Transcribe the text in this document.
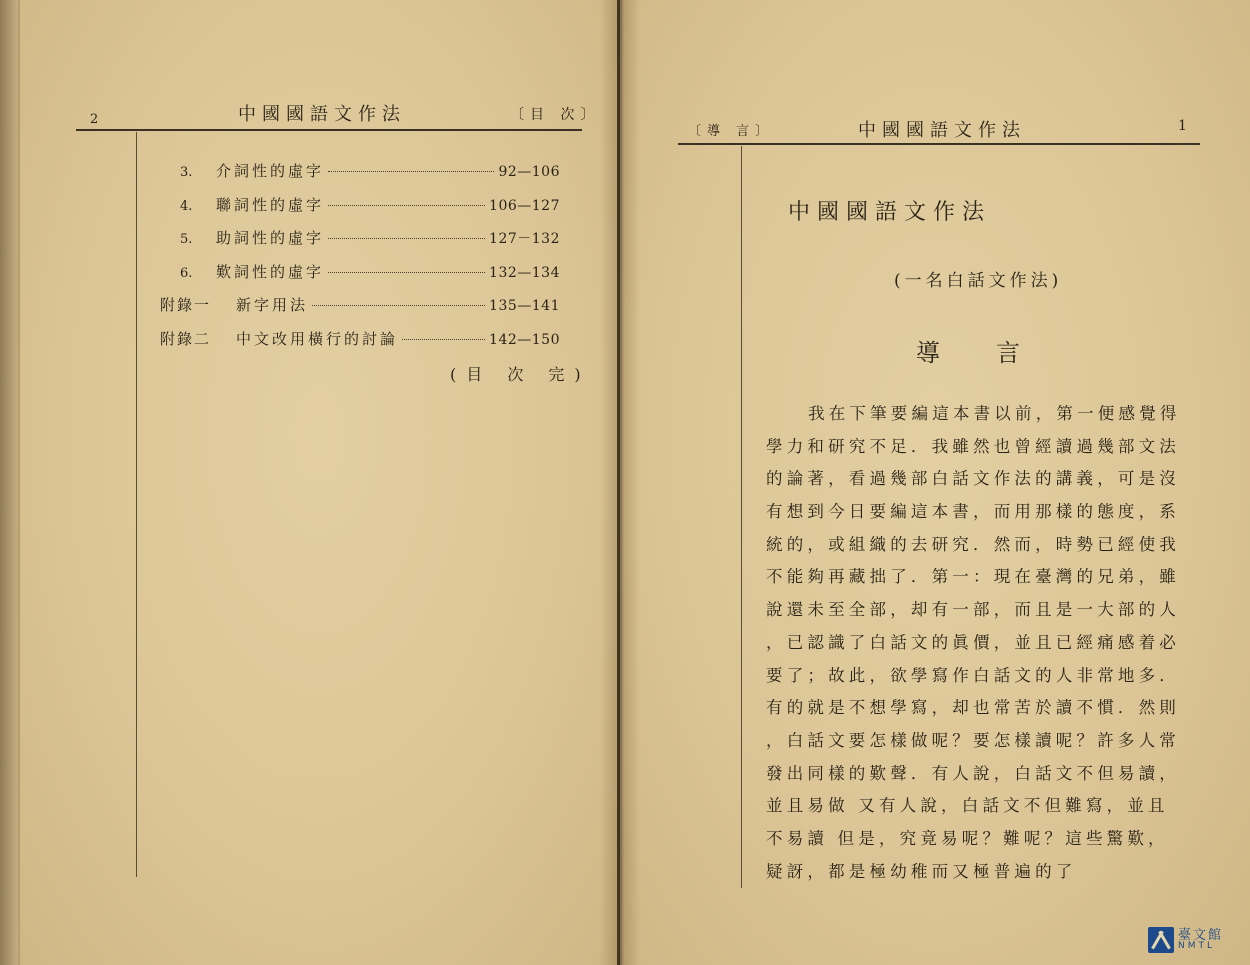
2	中國國語文作法	〔目 次〕
3.	介詞性的虛字	92—106
4.	聯詞性的虛字	106—127
5.	助詞性的虛字	127－132
6.	歎詞性的虛字	132—134
附錄一	新字用法	135—141
附錄二	中文改用橫行的討論	142—150
(目 次 完)
〔導 言〕	中國國語文作法	1
中國國語文作法
(一名白話文作法)
導言
我在下筆要編這本書以前，第一便感覺得
學力和研究不足．我雖然也曾經讀過幾部文法
的論著，看過幾部白話文作法的講義，可是沒
有想到今日要編這本書，而用那樣的態度，系
統的，或組織的去研究．然而，時勢已經使我
不能夠再藏拙了．第一：現在臺灣的兄弟，雖
說還未至全部，却有一部，而且是一大部的人
，已認識了白話文的眞價，並且已經痛感着必
要了；故此，欲學寫作白話文的人非常地多．
有的就是不想學寫，却也常苦於讀不慣．然則
，白話文要怎樣做呢？要怎樣讀呢？許多人常
發出同樣的歎聲．有人說，白話文不但易讀，
並且易做 又有人說，白話文不但難寫，並且
不易讀 但是，究竟易呢？難呢？這些驚歎，
疑訝，都是極幼稚而又極普遍的了
臺文館
NMTL
